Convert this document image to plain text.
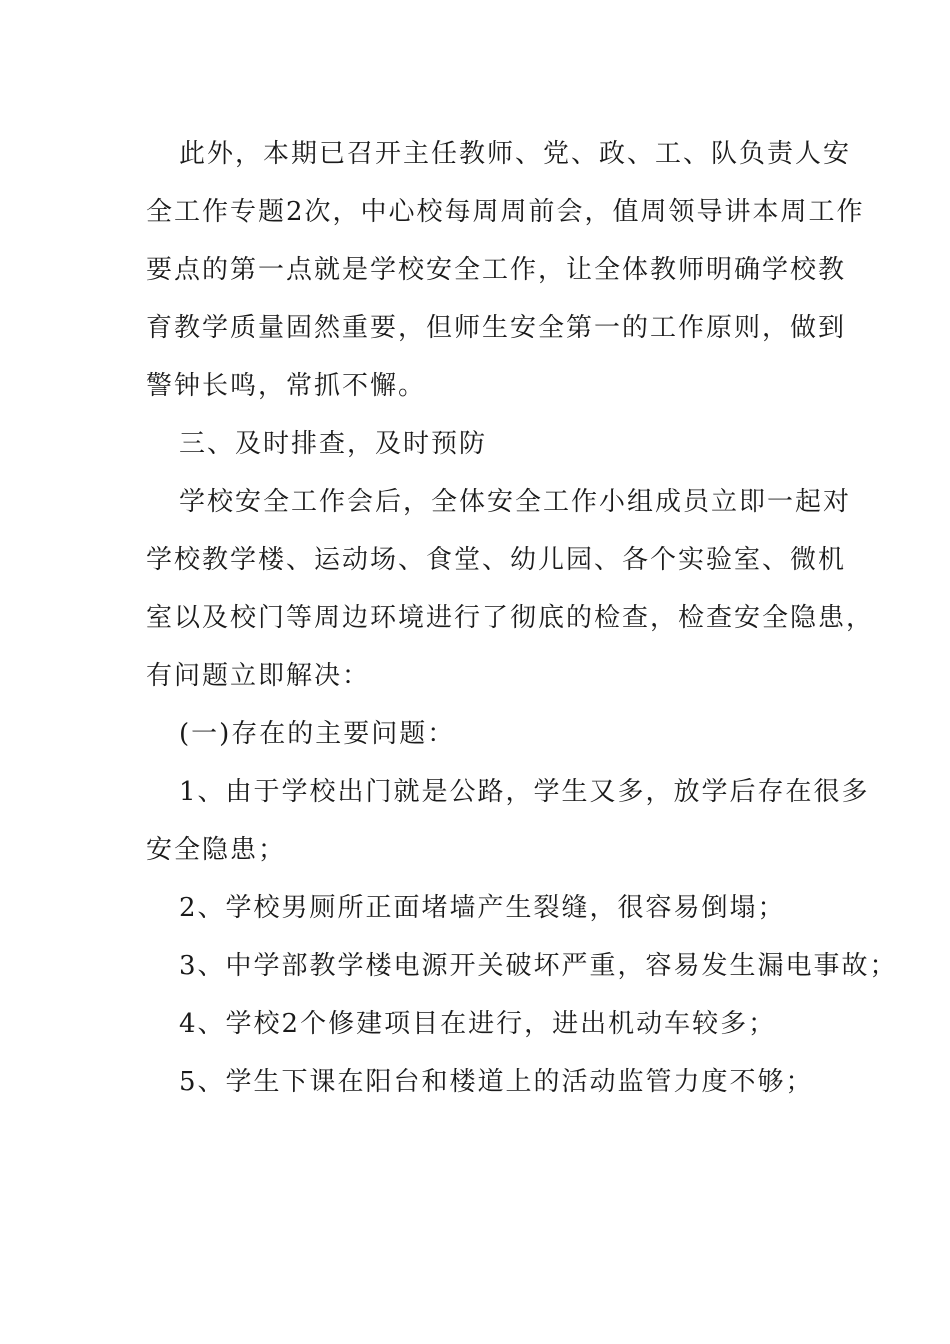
此外，本期已召开主任教师、党、政、工、队负责人安
全工作专题2次，中心校每周周前会，值周领导讲本周工作
要点的第一点就是学校安全工作，让全体教师明确学校教
育教学质量固然重要，但师生安全第一的工作原则，做到
警钟长鸣，常抓不懈。
三、及时排查，及时预防
学校安全工作会后，全体安全工作小组成员立即一起对
学校教学楼、运动场、食堂、幼儿园、各个实验室、微机
室以及校门等周边环境进行了彻底的检查，检查安全隐患，
有问题立即解决：
(一)存在的主要问题：
1、由于学校出门就是公路，学生又多，放学后存在很多
安全隐患；
2、学校男厕所正面堵墙产生裂缝，很容易倒塌；
3、中学部教学楼电源开关破坏严重，容易发生漏电事故；
4、学校2个修建项目在进行，进出机动车较多；
5、学生下课在阳台和楼道上的活动监管力度不够；
